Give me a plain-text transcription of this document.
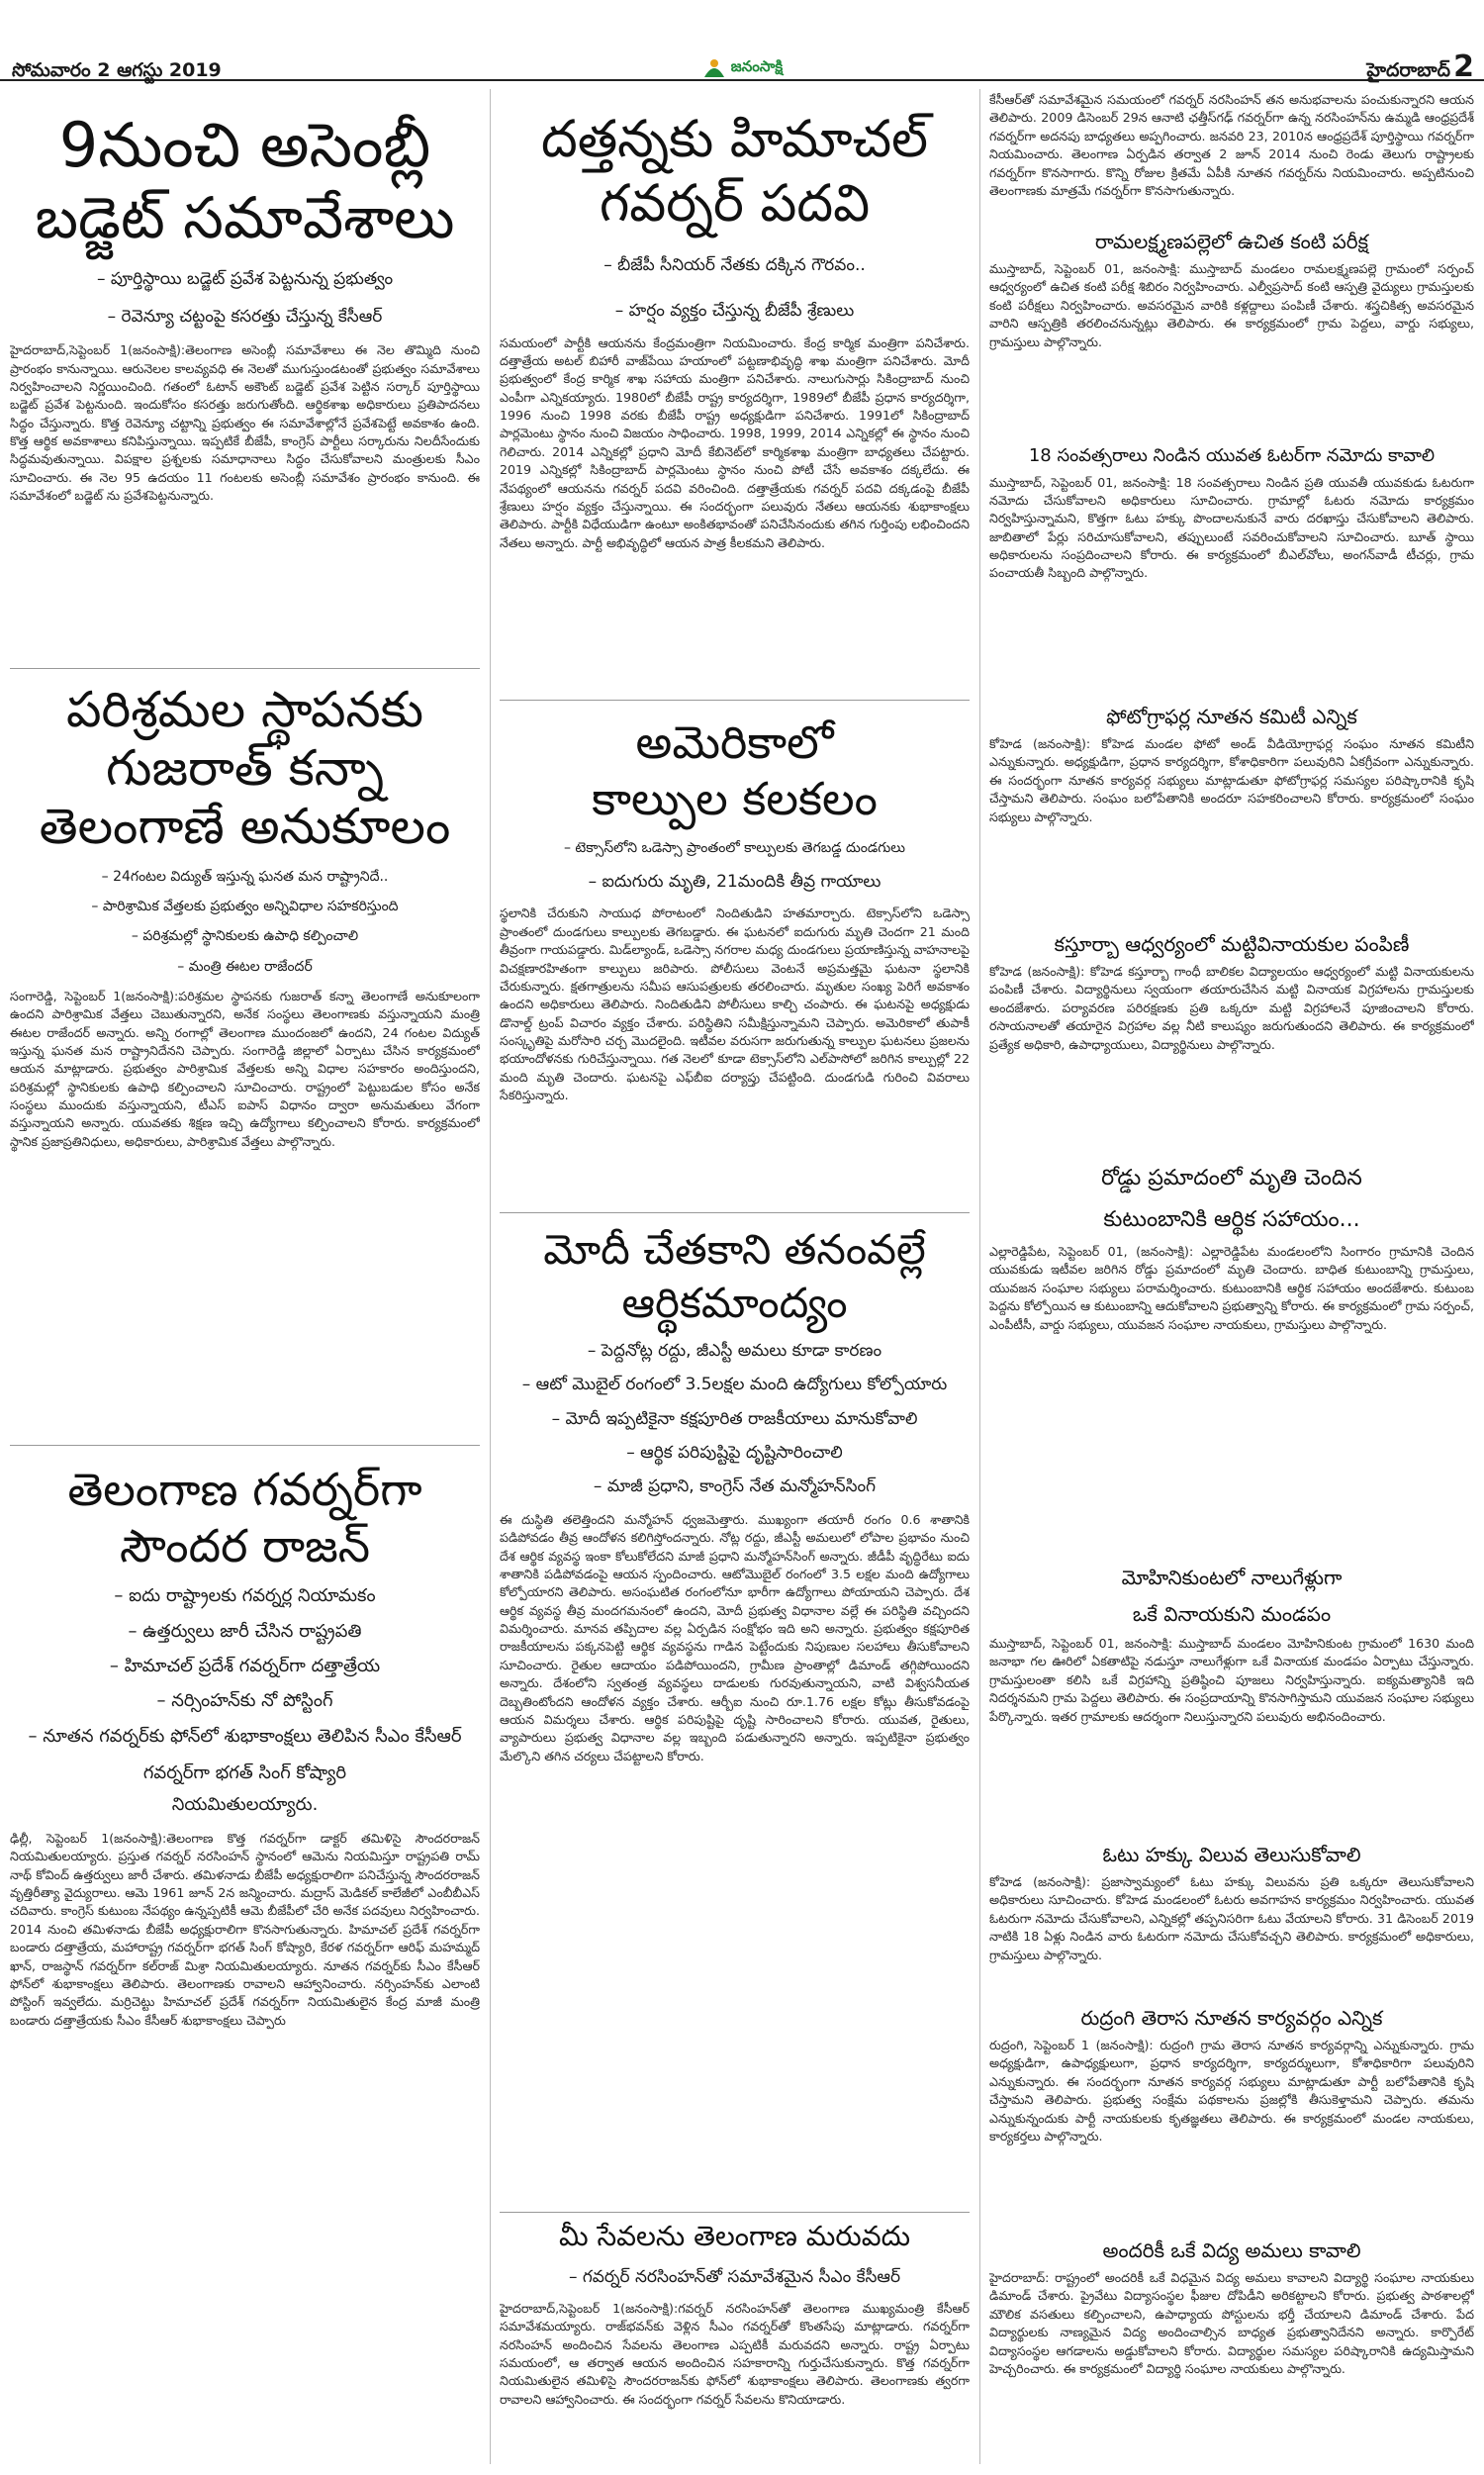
సోమవారం 2 ఆగస్టు 2019	జనంసాక్షి	హైదరాబాద్ 2
9నుంచి అసెంబ్లీ
బడ్జెట్ సమావేశాలు
– పూర్తిస్థాయి బడ్జెట్ ప్రవేశ పెట్టనున్న ప్రభుత్వం
– రెవెన్యూ చట్టంపై కసరత్తు చేస్తున్న కేసీఆర్

హైదరాబాద్,సెప్టెంబర్ 1(జనంసాక్షి):తెలంగాణ అసెంబ్లీ సమావేశాలు ఈ నెల తొమ్మిది నుంచి ప్రారంభం కానున్నాయి. ఆరునెలల కాలవ్యవధి ఈ నెలతో ముగుస్తుండటంతో ప్రభుత్వం సమావేశాలు నిర్వహించాలని నిర్ణయించింది. గతంలో ఓటాన్ అకౌంట్ బడ్జెట్ ప్రవేశ పెట్టిన సర్కార్ పూర్తిస్థాయి బడ్జెట్ ప్రవేశ పెట్టనుంది. ఇందుకోసం కసరత్తు జరుగుతోంది. ఆర్థికశాఖ అధికారులు ప్రతిపాదనలు సిద్ధం చేస్తున్నారు. కొత్త రెవెన్యూ చట్టాన్ని ప్రభుత్వం ఈ సమావేశాల్లోనే ప్రవేశపెట్టే అవకాశం ఉంది. కొత్త ఆర్థిక అవకాశాలు కనిపిస్తున్నాయి. ఇప్పటికే బీజేపీ, కాంగ్రెస్ పార్టీలు సర్కారును నిలదీసేందుకు సిద్ధమవుతున్నాయి. విపక్షాల ప్రశ్నలకు సమాధానాలు సిద్ధం చేసుకోవాలని మంత్రులకు సీఎం సూచించారు. ఈ నెల 95 ఉదయం 11 గంటలకు అసెంబ్లీ సమావేశం ప్రారంభం కానుంది. ఈ సమావేశంలో బడ్జెట్ ను ప్రవేశపెట్టనున్నారు.

పరిశ్రమల స్థాపనకు
గుజరాత్ కన్నా
తెలంగాణే అనుకూలం
– 24గంటల విద్యుత్ ఇస్తున్న ఘనత మన రాష్ట్రానిదే..
– పారిశ్రామిక వేత్తలకు ప్రభుత్వం అన్నివిధాల సహకరిస్తుంది
– పరిశ్రమల్లో స్థానికులకు ఉపాధి కల్పించాలి
– మంత్రి ఈటల రాజేందర్

సంగారెడ్డి, సెప్టెంబర్ 1(జనంసాక్షి):పరిశ్రమల స్థాపనకు గుజరాత్ కన్నా తెలంగాణే అనుకూలంగా ఉందని పారిశ్రామిక వేత్తలు చెబుతున్నారని, అనేక సంస్థలు తెలంగాణకు వస్తున్నాయని మంత్రి ఈటల రాజేందర్ అన్నారు. అన్ని రంగాల్లో తెలంగాణ ముందంజలో ఉందని, 24 గంటల విద్యుత్ ఇస్తున్న ఘనత మన రాష్ట్రానిదేనని చెప్పారు. సంగారెడ్డి జిల్లాలో ఏర్పాటు చేసిన కార్యక్రమంలో ఆయన మాట్లాడారు. ప్రభుత్వం పారిశ్రామిక వేత్తలకు అన్ని విధాల సహకారం అందిస్తుందని, పరిశ్రమల్లో స్థానికులకు ఉపాధి కల్పించాలని సూచించారు. రాష్ట్రంలో పెట్టుబడుల కోసం అనేక సంస్థలు ముందుకు వస్తున్నాయని, టీఎస్ ఐపాస్ విధానం ద్వారా అనుమతులు వేగంగా వస్తున్నాయని అన్నారు. యువతకు శిక్షణ ఇచ్చి ఉద్యోగాలు కల్పించాలని కోరారు. కార్యక్రమంలో స్థానిక ప్రజాప్రతినిధులు, అధికారులు, పారిశ్రామిక వేత్తలు పాల్గొన్నారు.

తెలంగాణ గవర్నర్‌గా
సౌందర రాజన్
– ఐదు రాష్ట్రాలకు గవర్నర్ల నియామకం
– ఉత్తర్వులు జారీ చేసిన రాష్ట్రపతి
– హిమాచల్ ప్రదేశ్ గవర్నర్‌గా దత్తాత్రేయ
– నర్సింహన్‌కు నో పోస్టింగ్
– నూతన గవర్నర్‌కు ఫోన్‌లో శుభాకాంక్షలు తెలిపిన సీఎం కేసీఆర్
గవర్నర్‌గా భగత్ సింగ్ కోష్యారి
నియమితులయ్యారు.

ఢిల్లీ, సెప్టెంబర్ 1(జనంసాక్షి):తెలంగాణ కొత్త గవర్నర్‌గా డాక్టర్ తమిళిసై సౌందరరాజన్ నియమితులయ్యారు. ప్రస్తుత గవర్నర్ నరసింహన్ స్థానంలో ఆమెను నియమిస్తూ రాష్ట్రపతి రామ్ నాథ్ కోవింద్ ఉత్తర్వులు జారీ చేశారు. తమిళనాడు బీజేపీ అధ్యక్షురాలిగా పనిచేస్తున్న సౌందరరాజన్ వృత్తిరీత్యా వైద్యురాలు. ఆమె 1961 జూన్ 2న జన్మించారు. మద్రాస్ మెడికల్ కాలేజీలో ఎంబీబీఎస్ చదివారు. కాంగ్రెస్ కుటుంబ నేపథ్యం ఉన్నప్పటికీ ఆమె బీజేపీలో చేరి అనేక పదవులు నిర్వహించారు. 2014 నుంచి తమిళనాడు బీజేపీ అధ్యక్షురాలిగా కొనసాగుతున్నారు. హిమాచల్ ప్రదేశ్ గవర్నర్‌గా బండారు దత్తాత్రేయ, మహారాష్ట్ర గవర్నర్‌గా భగత్ సింగ్ కోష్యారి, కేరళ గవర్నర్‌గా ఆరిఫ్ మహమ్మద్ ఖాన్, రాజస్థాన్ గవర్నర్‌గా కల్‌రాజ్ మిశ్రా నియమితులయ్యారు. నూతన గవర్నర్‌కు సీఎం కేసీఆర్ ఫోన్‌లో శుభాకాంక్షలు తెలిపారు. తెలంగాణకు రావాలని ఆహ్వానించారు. నర్సింహన్‌కు ఎలాంటి పోస్టింగ్ ఇవ్వలేదు. మర్రిచెట్టు హిమాచల్ ప్రదేశ్ గవర్నర్‌గా నియమితులైన కేంద్ర మాజీ మంత్రి బండారు దత్తాత్రేయకు సీఎం కేసీఆర్ శుభాకాంక్షలు చెప్పారు

దత్తన్నకు హిమాచల్
గవర్నర్ పదవి
– బీజేపీ సీనియర్ నేతకు దక్కిన గౌరవం..
– హర్షం వ్యక్తం చేస్తున్న బీజేపీ శ్రేణులు

సమయంలో పార్టీకి ఆయనను కేంద్రమంత్రిగా నియమించారు. కేంద్ర కార్మిక మంత్రిగా పనిచేశారు. దత్తాత్రేయ అటల్ బిహారీ వాజ్‌పేయి హయాంలో పట్టణాభివృద్ధి శాఖ మంత్రిగా పనిచేశారు. మోదీ ప్రభుత్వంలో కేంద్ర కార్మిక శాఖ సహాయ మంత్రిగా పనిచేశారు. నాలుగుసార్లు సికింద్రాబాద్ నుంచి ఎంపీగా ఎన్నికయ్యారు. 1980లో బీజేపీ రాష్ట్ర కార్యదర్శిగా, 1989లో బీజేపీ ప్రధాన కార్యదర్శిగా, 1996 నుంచి 1998 వరకు బీజేపీ రాష్ట్ర అధ్యక్షుడిగా పనిచేశారు. 1991లో సికింద్రాబాద్ పార్లమెంటు స్థానం నుంచి విజయం సాధించారు. 1998, 1999, 2014 ఎన్నికల్లో ఈ స్థానం నుంచి గెలిచారు. 2014 ఎన్నికల్లో ప్రధాని మోదీ కేబినెట్‌లో కార్మికశాఖ మంత్రిగా బాధ్యతలు చేపట్టారు. 2019 ఎన్నికల్లో సికింద్రాబాద్ పార్లమెంటు స్థానం నుంచి పోటీ చేసే అవకాశం దక్కలేదు. ఈ నేపథ్యంలో ఆయనను గవర్నర్ పదవి వరించింది. దత్తాత్రేయకు గవర్నర్ పదవి దక్కడంపై బీజేపీ శ్రేణులు హర్షం వ్యక్తం చేస్తున్నాయి. ఈ సందర్భంగా పలువురు నేతలు ఆయనకు శుభాకాంక్షలు తెలిపారు. పార్టీకి విధేయుడిగా ఉంటూ అంకితభావంతో పనిచేసినందుకు తగిన గుర్తింపు లభించిందని నేతలు అన్నారు. పార్టీ అభివృద్ధిలో ఆయన పాత్ర కీలకమని తెలిపారు.

అమెరికాలో
కాల్పుల కలకలం
– టెక్సాస్‌లోని ఒడెస్సా ప్రాంతంలో కాల్పులకు తెగబడ్డ దుండగులు
– ఐదుగురు మృతి, 21మందికి తీవ్ర గాయాలు

స్థలానికి చేరుకుని సాయుధ పోరాటంలో నిందితుడిని హతమార్చారు. టెక్సాస్‌లోని ఒడెస్సా ప్రాంతంలో దుండగులు కాల్పులకు తెగబడ్డారు. ఈ ఘటనలో ఐదుగురు మృతి చెందగా 21 మంది తీవ్రంగా గాయపడ్డారు. మిడ్‌ల్యాండ్, ఒడెస్సా నగరాల మధ్య దుండగులు ప్రయాణిస్తున్న వాహనాలపై విచక్షణారహితంగా కాల్పులు జరిపారు. పోలీసులు వెంటనే అప్రమత్తమై ఘటనా స్థలానికి చేరుకున్నారు. క్షతగాత్రులను సమీప ఆసుపత్రులకు తరలించారు. మృతుల సంఖ్య పెరిగే అవకాశం ఉందని అధికారులు తెలిపారు. నిందితుడిని పోలీసులు కాల్చి చంపారు. ఈ ఘటనపై అధ్యక్షుడు డొనాల్డ్ ట్రంప్ విచారం వ్యక్తం చేశారు. పరిస్థితిని సమీక్షిస్తున్నామని చెప్పారు. అమెరికాలో తుపాకీ సంస్కృతిపై మరోసారి చర్చ మొదలైంది. ఇటీవల వరుసగా జరుగుతున్న కాల్పుల ఘటనలు ప్రజలను భయాందోళనకు గురిచేస్తున్నాయి. గత నెలలో కూడా టెక్సాస్‌లోని ఎల్‌పాసోలో జరిగిన కాల్పుల్లో 22 మంది మృతి చెందారు. ఘటనపై ఎఫ్‌బీఐ దర్యాప్తు చేపట్టింది. దుండగుడి గురించి వివరాలు సేకరిస్తున్నారు.

మోదీ చేతకాని తనంవల్లే
ఆర్థికమాంద్యం
– పెద్దనోట్ల రద్దు, జీఎస్టీ అమలు కూడా కారణం
– ఆటో మొబైల్ రంగంలో 3.5లక్షల మంది ఉద్యోగులు కోల్పోయారు
– మోదీ ఇప్పటికైనా కక్షపూరిత రాజకీయాలు మానుకోవాలి
– ఆర్థిక పరిపుష్టిపై దృష్టిసారించాలి
– మాజీ ప్రధాని, కాంగ్రెస్ నేత మన్మోహన్‌సింగ్

ఈ దుస్థితి తలెత్తిందని మన్మోహన్ ధ్వజమెత్తారు. ముఖ్యంగా తయారీ రంగం 0.6 శాతానికి పడిపోవడం తీవ్ర ఆందోళన కలిగిస్తోందన్నారు. నోట్ల రద్దు, జీఎస్టీ అమలులో లోపాల ప్రభావం నుంచి దేశ ఆర్థిక వ్యవస్థ ఇంకా కోలుకోలేదని మాజీ ప్రధాని మన్మోహన్‌సింగ్ అన్నారు. జీడీపీ వృద్ధిరేటు ఐదు శాతానికి పడిపోవడంపై ఆయన స్పందించారు. ఆటోమొబైల్ రంగంలో 3.5 లక్షల మంది ఉద్యోగాలు కోల్పోయారని తెలిపారు. అసంఘటిత రంగంలోనూ భారీగా ఉద్యోగాలు పోయాయని చెప్పారు. దేశ ఆర్థిక వ్యవస్థ తీవ్ర మందగమనంలో ఉందని, మోదీ ప్రభుత్వ విధానాల వల్లే ఈ పరిస్థితి వచ్చిందని విమర్శించారు. మానవ తప్పిదాల వల్ల ఏర్పడిన సంక్షోభం ఇది అని అన్నారు. ప్రభుత్వం కక్షపూరిత రాజకీయాలను పక్కనపెట్టి ఆర్థిక వ్యవస్థను గాడిన పెట్టేందుకు నిపుణుల సలహాలు తీసుకోవాలని సూచించారు. రైతుల ఆదాయం పడిపోయిందని, గ్రామీణ ప్రాంతాల్లో డిమాండ్ తగ్గిపోయిందని అన్నారు. దేశంలోని స్వతంత్ర వ్యవస్థలు దాడులకు గురవుతున్నాయని, వాటి విశ్వసనీయత దెబ్బతింటోందని ఆందోళన వ్యక్తం చేశారు. ఆర్బీఐ నుంచి రూ.1.76 లక్షల కోట్లు తీసుకోవడంపై ఆయన విమర్శలు చేశారు. ఆర్థిక పరిపుష్టిపై దృష్టి సారించాలని కోరారు. యువత, రైతులు, వ్యాపారులు ప్రభుత్వ విధానాల వల్ల ఇబ్బంది పడుతున్నారని అన్నారు. ఇప్పటికైనా ప్రభుత్వం మేల్కొని తగిన చర్యలు చేపట్టాలని కోరారు.

మీ సేవలను తెలంగాణ మరువదు
– గవర్నర్ నరసింహన్‌తో సమావేశమైన సీఎం కేసీఆర్

హైదరాబాద్,సెప్టెంబర్ 1(జనంసాక్షి):గవర్నర్ నరసింహన్‌తో తెలంగాణ ముఖ్యమంత్రి కేసీఆర్ సమావేశమయ్యారు. రాజ్‌భవన్‌కు వెళ్లిన సీఎం గవర్నర్‌తో కొంతసేపు మాట్లాడారు. గవర్నర్‌గా నరసింహన్ అందించిన సేవలను తెలంగాణ ఎప్పటికీ మరువదని అన్నారు. రాష్ట్ర ఏర్పాటు సమయంలో, ఆ తర్వాత ఆయన అందించిన సహకారాన్ని గుర్తుచేసుకున్నారు. కొత్త గవర్నర్‌గా నియమితులైన తమిళిసై సౌందరరాజన్‌కు ఫోన్‌లో శుభాకాంక్షలు తెలిపారు. తెలంగాణకు త్వరగా రావాలని ఆహ్వానించారు. ఈ సందర్భంగా గవర్నర్ సేవలను కొనియాడారు.

కేసీఆర్‌తో సమావేశమైన సమయంలో గవర్నర్ నరసింహన్ తన అనుభవాలను పంచుకున్నారని ఆయన తెలిపారు. 2009 డిసెంబర్ 29న ఆనాటి ఛత్తీస్‌గఢ్ గవర్నర్‌గా ఉన్న నరసింహన్‌ను ఉమ్మడి ఆంధ్రప్రదేశ్ గవర్నర్‌గా అదనపు బాధ్యతలు అప్పగించారు. జనవరి 23, 2010న ఆంధ్రప్రదేశ్ పూర్తిస్థాయి గవర్నర్‌గా నియమించారు. తెలంగాణ ఏర్పడిన తర్వాత 2 జూన్ 2014 నుంచి రెండు తెలుగు రాష్ట్రాలకు గవర్నర్‌గా కొనసాగారు. కొన్ని రోజుల క్రితమే ఏపీకి నూతన గవర్నర్‌ను నియమించారు. అప్పటినుంచి తెలంగాణకు మాత్రమే గవర్నర్‌గా కొనసాగుతున్నారు.

రామలక్ష్మణపల్లెలో ఉచిత కంటి పరీక్ష

ముస్తాబాద్, సెప్టెంబర్ 01, జనంసాక్షి: ముస్తాబాద్ మండలం రామలక్ష్మణపల్లె గ్రామంలో సర్పంచ్ ఆధ్వర్యంలో ఉచిత కంటి పరీక్ష శిబిరం నిర్వహించారు. ఎల్వీప్రసాద్ కంటి ఆస్పత్రి వైద్యులు గ్రామస్తులకు కంటి పరీక్షలు నిర్వహించారు. అవసరమైన వారికి కళ్లద్దాలు పంపిణీ చేశారు. శస్త్రచికిత్స అవసరమైన వారిని ఆస్పత్రికి తరలించనున్నట్లు తెలిపారు. ఈ కార్యక్రమంలో గ్రామ పెద్దలు, వార్డు సభ్యులు, గ్రామస్తులు పాల్గొన్నారు.

18 సంవత్సరాలు నిండిన యువత ఓటర్‌గా నమోదు కావాలి

ముస్తాబాద్, సెప్టెంబర్ 01, జనంసాక్షి: 18 సంవత్సరాలు నిండిన ప్రతి యువతీ యువకుడు ఓటరుగా నమోదు చేసుకోవాలని అధికారులు సూచించారు. గ్రామాల్లో ఓటరు నమోదు కార్యక్రమం నిర్వహిస్తున్నామని, కొత్తగా ఓటు హక్కు పొందాలనుకునే వారు దరఖాస్తు చేసుకోవాలని తెలిపారు. జాబితాలో పేర్లు సరిచూసుకోవాలని, తప్పులుంటే సవరించుకోవాలని సూచించారు. బూత్ స్థాయి అధికారులను సంప్రదించాలని కోరారు. ఈ కార్యక్రమంలో బీఎల్‌వోలు, అంగన్‌వాడీ టీచర్లు, గ్రామ పంచాయతీ సిబ్బంది పాల్గొన్నారు.

ఫోటోగ్రాఫర్ల నూతన కమిటీ ఎన్నిక

కోహెడ (జనంసాక్షి): కోహెడ మండల ఫోటో అండ్ వీడియోగ్రాఫర్ల సంఘం నూతన కమిటీని ఎన్నుకున్నారు. అధ్యక్షుడిగా, ప్రధాన కార్యదర్శిగా, కోశాధికారిగా పలువురిని ఏకగ్రీవంగా ఎన్నుకున్నారు. ఈ సందర్భంగా నూతన కార్యవర్గ సభ్యులు మాట్లాడుతూ ఫోటోగ్రాఫర్ల సమస్యల పరిష్కారానికి కృషి చేస్తామని తెలిపారు. సంఘం బలోపేతానికి అందరూ సహకరించాలని కోరారు. కార్యక్రమంలో సంఘం సభ్యులు పాల్గొన్నారు.

కస్తూర్బా ఆధ్వర్యంలో మట్టివినాయకుల పంపిణీ

కోహెడ (జనంసాక్షి): కోహెడ కస్తూర్బా గాంధీ బాలికల విద్యాలయం ఆధ్వర్యంలో మట్టి వినాయకులను పంపిణీ చేశారు. విద్యార్థినులు స్వయంగా తయారుచేసిన మట్టి వినాయక విగ్రహాలను గ్రామస్తులకు అందజేశారు. పర్యావరణ పరిరక్షణకు ప్రతి ఒక్కరూ మట్టి విగ్రహాలనే పూజించాలని కోరారు. రసాయనాలతో తయారైన విగ్రహాల వల్ల నీటి కాలుష్యం జరుగుతుందని తెలిపారు. ఈ కార్యక్రమంలో ప్రత్యేక అధికారి, ఉపాధ్యాయులు, విద్యార్థినులు పాల్గొన్నారు.

రోడ్డు ప్రమాదంలో మృతి చెందిన
కుటుంబానికి ఆర్థిక సహాయం...

ఎల్లారెడ్డిపేట, సెప్టెంబర్ 01, (జనంసాక్షి): ఎల్లారెడ్డిపేట మండలంలోని సింగారం గ్రామానికి చెందిన యువకుడు ఇటీవల జరిగిన రోడ్డు ప్రమాదంలో మృతి చెందారు. బాధిత కుటుంబాన్ని గ్రామస్తులు, యువజన సంఘాల సభ్యులు పరామర్శించారు. కుటుంబానికి ఆర్థిక సహాయం అందజేశారు. కుటుంబ పెద్దను కోల్పోయిన ఆ కుటుంబాన్ని ఆదుకోవాలని ప్రభుత్వాన్ని కోరారు. ఈ కార్యక్రమంలో గ్రామ సర్పంచ్, ఎంపీటీసీ, వార్డు సభ్యులు, యువజన సంఘాల నాయకులు, గ్రామస్తులు పాల్గొన్నారు.

మోహినికుంటలో నాలుగేళ్లుగా
ఒకే వినాయకుని మండపం

ముస్తాబాద్, సెప్టెంబర్ 01, జనంసాక్షి: ముస్తాబాద్ మండలం మోహినికుంట గ్రామంలో 1630 మంది జనాభా గల ఊరిలో ఏకతాటిపై నడుస్తూ నాలుగేళ్లుగా ఒకే వినాయక మండపం ఏర్పాటు చేస్తున్నారు. గ్రామస్తులంతా కలిసి ఒకే విగ్రహాన్ని ప్రతిష్ఠించి పూజలు నిర్వహిస్తున్నారు. ఐక్యమత్యానికి ఇది నిదర్శనమని గ్రామ పెద్దలు తెలిపారు. ఈ సంప్రదాయాన్ని కొనసాగిస్తామని యువజన సంఘాల సభ్యులు పేర్కొన్నారు. ఇతర గ్రామాలకు ఆదర్శంగా నిలుస్తున్నారని పలువురు అభినందించారు.

ఓటు హక్కు విలువ తెలుసుకోవాలి

కోహెడ (జనంసాక్షి): ప్రజాస్వామ్యంలో ఓటు హక్కు విలువను ప్రతి ఒక్కరూ తెలుసుకోవాలని అధికారులు సూచించారు. కోహెడ మండలంలో ఓటరు అవగాహన కార్యక్రమం నిర్వహించారు. యువత ఓటరుగా నమోదు చేసుకోవాలని, ఎన్నికల్లో తప్పనిసరిగా ఓటు వేయాలని కోరారు. 31 డిసెంబర్ 2019 నాటికి 18 ఏళ్లు నిండిన వారు ఓటరుగా నమోదు చేసుకోవచ్చని తెలిపారు. కార్యక్రమంలో అధికారులు, గ్రామస్తులు పాల్గొన్నారు.

రుద్రంగి తెరాస నూతన కార్యవర్గం ఎన్నిక

రుద్రంగి, సెప్టెంబర్ 1 (జనంసాక్షి): రుద్రంగి గ్రామ తెరాస నూతన కార్యవర్గాన్ని ఎన్నుకున్నారు. గ్రామ అధ్యక్షుడిగా, ఉపాధ్యక్షులుగా, ప్రధాన కార్యదర్శిగా, కార్యదర్శులుగా, కోశాధికారిగా పలువురిని ఎన్నుకున్నారు. ఈ సందర్భంగా నూతన కార్యవర్గ సభ్యులు మాట్లాడుతూ పార్టీ బలోపేతానికి కృషి చేస్తామని తెలిపారు. ప్రభుత్వ సంక్షేమ పథకాలను ప్రజల్లోకి తీసుకెళ్తామని చెప్పారు. తమను ఎన్నుకున్నందుకు పార్టీ నాయకులకు కృతజ్ఞతలు తెలిపారు. ఈ కార్యక్రమంలో మండల నాయకులు, కార్యకర్తలు పాల్గొన్నారు.

అందరికీ ఒకే విద్య అమలు కావాలి

హైదరాబాద్: రాష్ట్రంలో అందరికీ ఒకే విధమైన విద్య అమలు కావాలని విద్యార్థి సంఘాల నాయకులు డిమాండ్ చేశారు. ప్రైవేటు విద్యాసంస్థల ఫీజుల దోపిడీని అరికట్టాలని కోరారు. ప్రభుత్వ పాఠశాలల్లో మౌలిక వసతులు కల్పించాలని, ఉపాధ్యాయ పోస్టులను భర్తీ చేయాలని డిమాండ్ చేశారు. పేద విద్యార్థులకు నాణ్యమైన విద్య అందించాల్సిన బాధ్యత ప్రభుత్వానిదేనని అన్నారు. కార్పొరేట్ విద్యాసంస్థల ఆగడాలను అడ్డుకోవాలని కోరారు. విద్యార్థుల సమస్యల పరిష్కారానికి ఉద్యమిస్తామని హెచ్చరించారు. ఈ కార్యక్రమంలో విద్యార్థి సంఘాల నాయకులు పాల్గొన్నారు.
